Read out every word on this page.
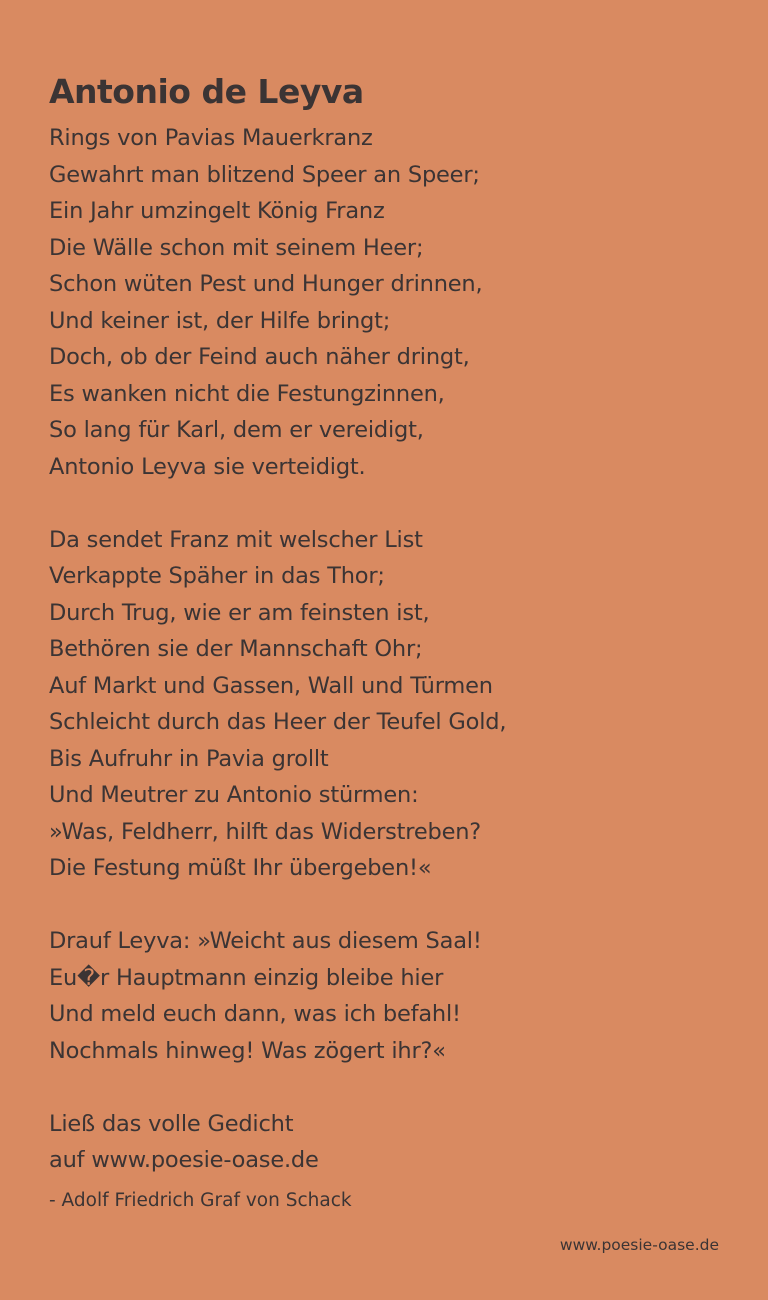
Antonio de Leyva
Rings von Pavias Mauerkranz
Gewahrt man blitzend Speer an Speer;
Ein Jahr umzingelt König Franz
Die Wälle schon mit seinem Heer;
Schon wüten Pest und Hunger drinnen,
Und keiner ist, der Hilfe bringt;
Doch, ob der Feind auch näher dringt,
Es wanken nicht die Festungzinnen,
So lang für Karl, dem er vereidigt,
Antonio Leyva sie verteidigt.
Da sendet Franz mit welscher List
Verkappte Späher in das Thor;
Durch Trug, wie er am feinsten ist,
Bethören sie der Mannschaft Ohr;
Auf Markt und Gassen, Wall und Türmen
Schleicht durch das Heer der Teufel Gold,
Bis Aufruhr in Pavia grollt
Und Meutrer zu Antonio stürmen:
»Was, Feldherr, hilft das Widerstreben?
Die Festung müßt Ihr übergeben!«
Drauf Leyva: »Weicht aus diesem Saal!
Eu�r Hauptmann einzig bleibe hier
Und meld euch dann, was ich befahl!
Nochmals hinweg! Was zögert ihr?«
Ließ das volle Gedicht
auf www.poesie-oase.de
- Adolf Friedrich Graf von Schack
www.poesie-oase.de
